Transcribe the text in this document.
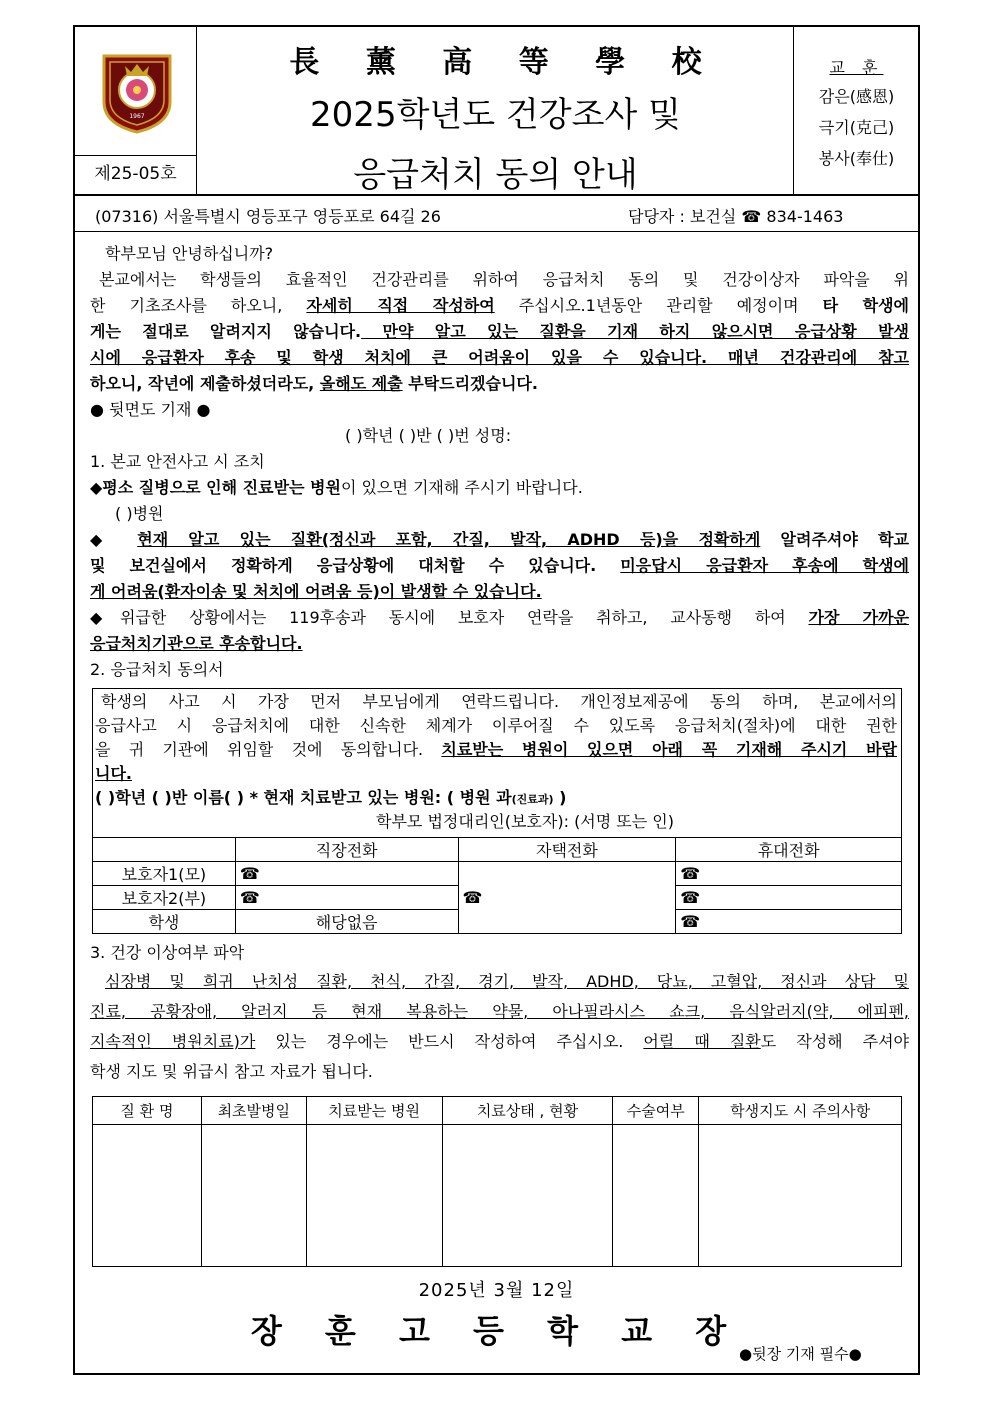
1967
제25-05호
長 薰 高 等 學 校
2025학년도 건강조사 및
응급처치 동의 안내
교 훈
감은(感恩)
극기(克己)
봉사(奉仕)
(07316) 서울특별시 영등포구 영등포로 64길 26	담당자 : 보건실 ☎ 834-1463
학부모님 안녕하십니까?
본교에서는 학생들의 효율적인 건강관리를 위하여 응급처치 동의 및 건강이상자 파악을 위
한 기초조사를 하오니, 자세히 직접 작성하여 주십시오.1년동안 관리할 예정이며 타 학생에
게는 절대로 알려지지 않습니다. 만약 알고 있는 질환을 기재 하지 않으시면 응급상황 발생
시에 응급환자 후송 및 학생 처치에 큰 어려움이 있을 수 있습니다. 매년 건강관리에 참고
하오니, 작년에 제출하셨더라도, 올해도 제출 부탁드리겠습니다.
● 뒷면도 기재 ●
( )학년 ( )반 ( )번 성명:
1. 본교 안전사고 시 조치
◆평소 질병으로 인해 진료받는 병원이 있으면 기재해 주시기 바랍니다.
( )병원
◆ 현재 알고 있는 질환(정신과 포함, 간질, 발작, ADHD 등)을 정확하게 알려주셔야 학교
및 보건실에서 정확하게 응급상황에 대처할 수 있습니다. 미응답시 응급환자 후송에 학생에
게 어려움(환자이송 및 처치에 어려움 등)이 발생할 수 있습니다.
◆위급한 상황에서는 119후송과 동시에 보호자 연락을 취하고, 교사동행 하여 가장 가까운
응급처치기관으로 후송합니다.
2. 응급처치 동의서
학생의 사고 시 가장 먼저 부모님에게 연락드립니다. 개인정보제공에 동의 하며, 본교에서의
응급사고 시 응급처치에 대한 신속한 체계가 이루어질 수 있도록 응급처치(절차)에 대한 권한
을 귀 기관에 위임할 것에 동의합니다. 치료받는 병원이 있으면 아래 꼭 기재해 주시기 바랍
니다.
( )학년 ( )반 이름( ) * 현재 치료받고 있는 병원: ( 병원 과(진료과) )
학부모 법정대리인(보호자): (서명 또는 인)
	직장전화	자택전화	휴대전화
보호자1(모)	☎	☎	☎
보호자2(부)	☎		☎
학생	해당없음		☎
3. 건강 이상여부 파악
심장병 및 희귀 난치성 질환, 천식, 간질, 경기, 발작, ADHD, 당뇨, 고혈압, 정신과 상담 및
진료, 공황장애, 알러지 등 현재 복용하는 약물, 아나필라시스 쇼크, 음식알러지(약, 에피펜,
지속적인 병원치료)가 있는 경우에는 반드시 작성하여 주십시오. 어릴 때 질환도 작성해 주셔야
학생 지도 및 위급시 참고 자료가 됩니다.
질 환 명	최초발병일	치료받는 병원	치료상태 , 현황	수술여부	학생지도 시 주의사항

2025년 3월 12일
장 훈 고 등 학 교 장
●뒷장 기재 필수●
